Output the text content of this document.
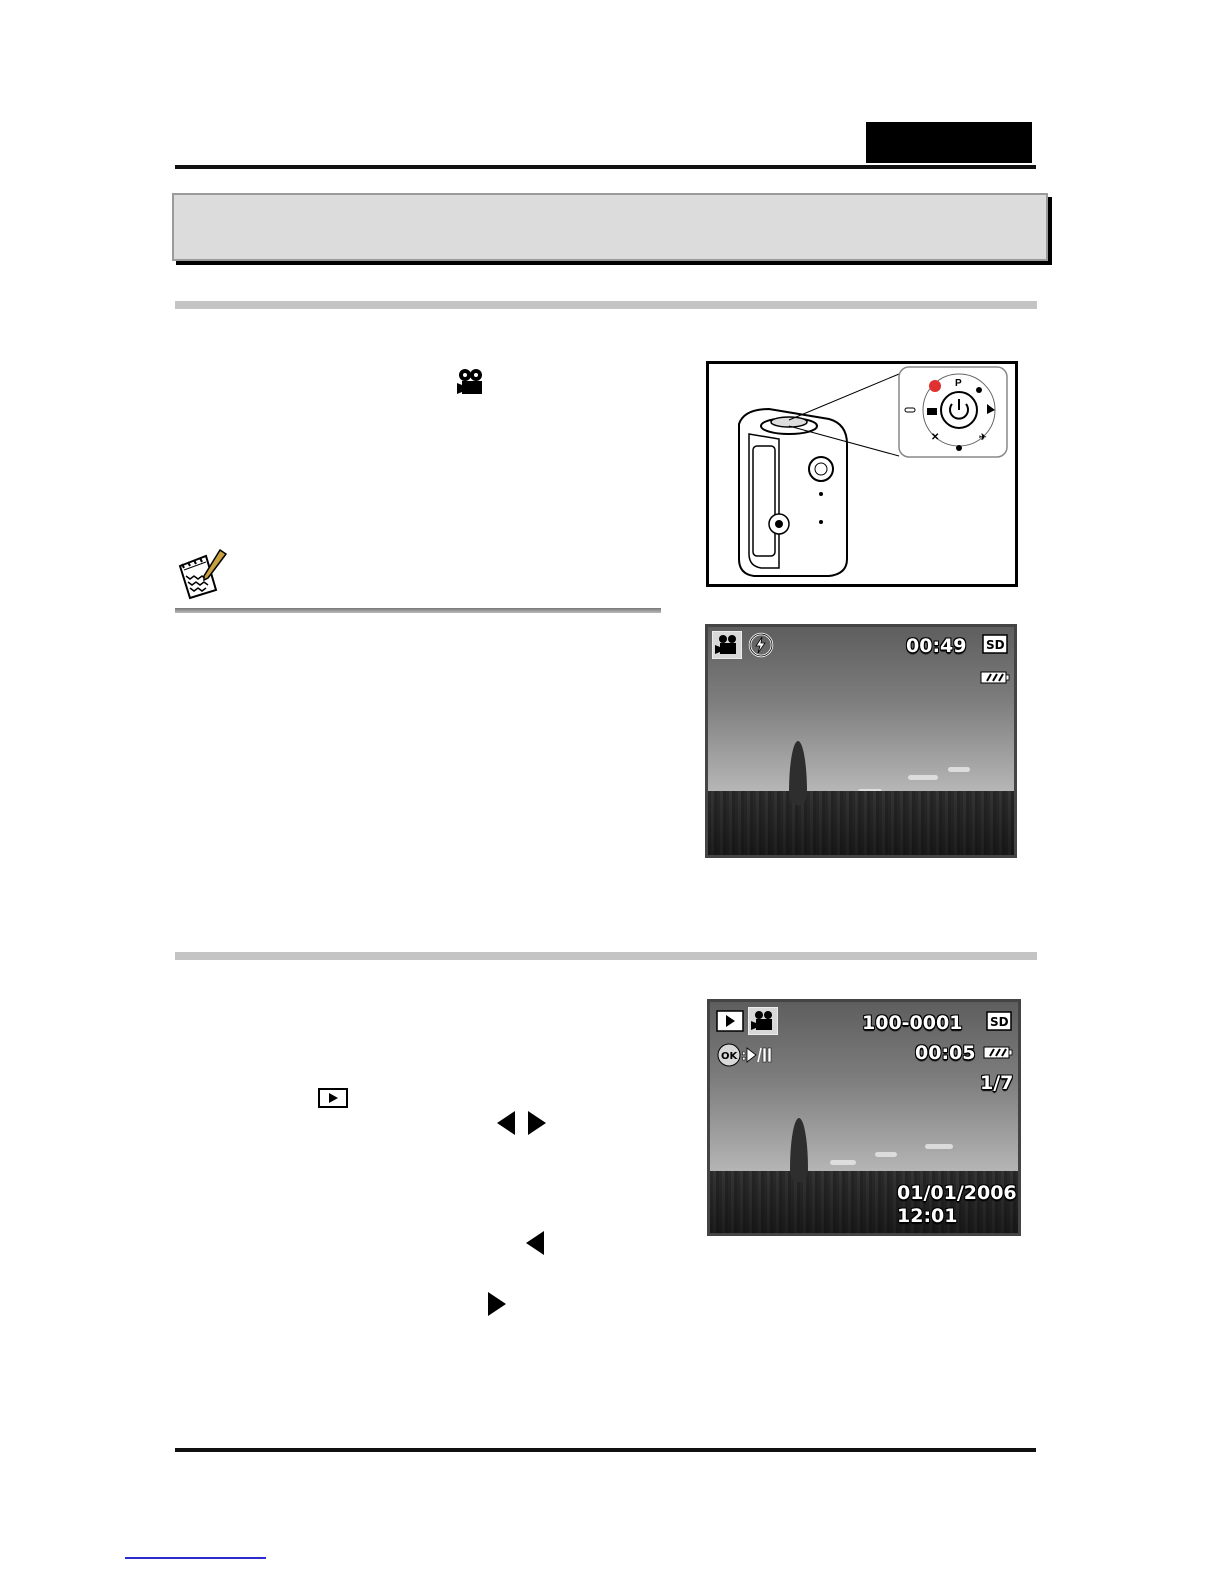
P
✈
✕
00:49 SD
100-0001 SD
OK :	00:05
1/7
01/01/2006
12:01
